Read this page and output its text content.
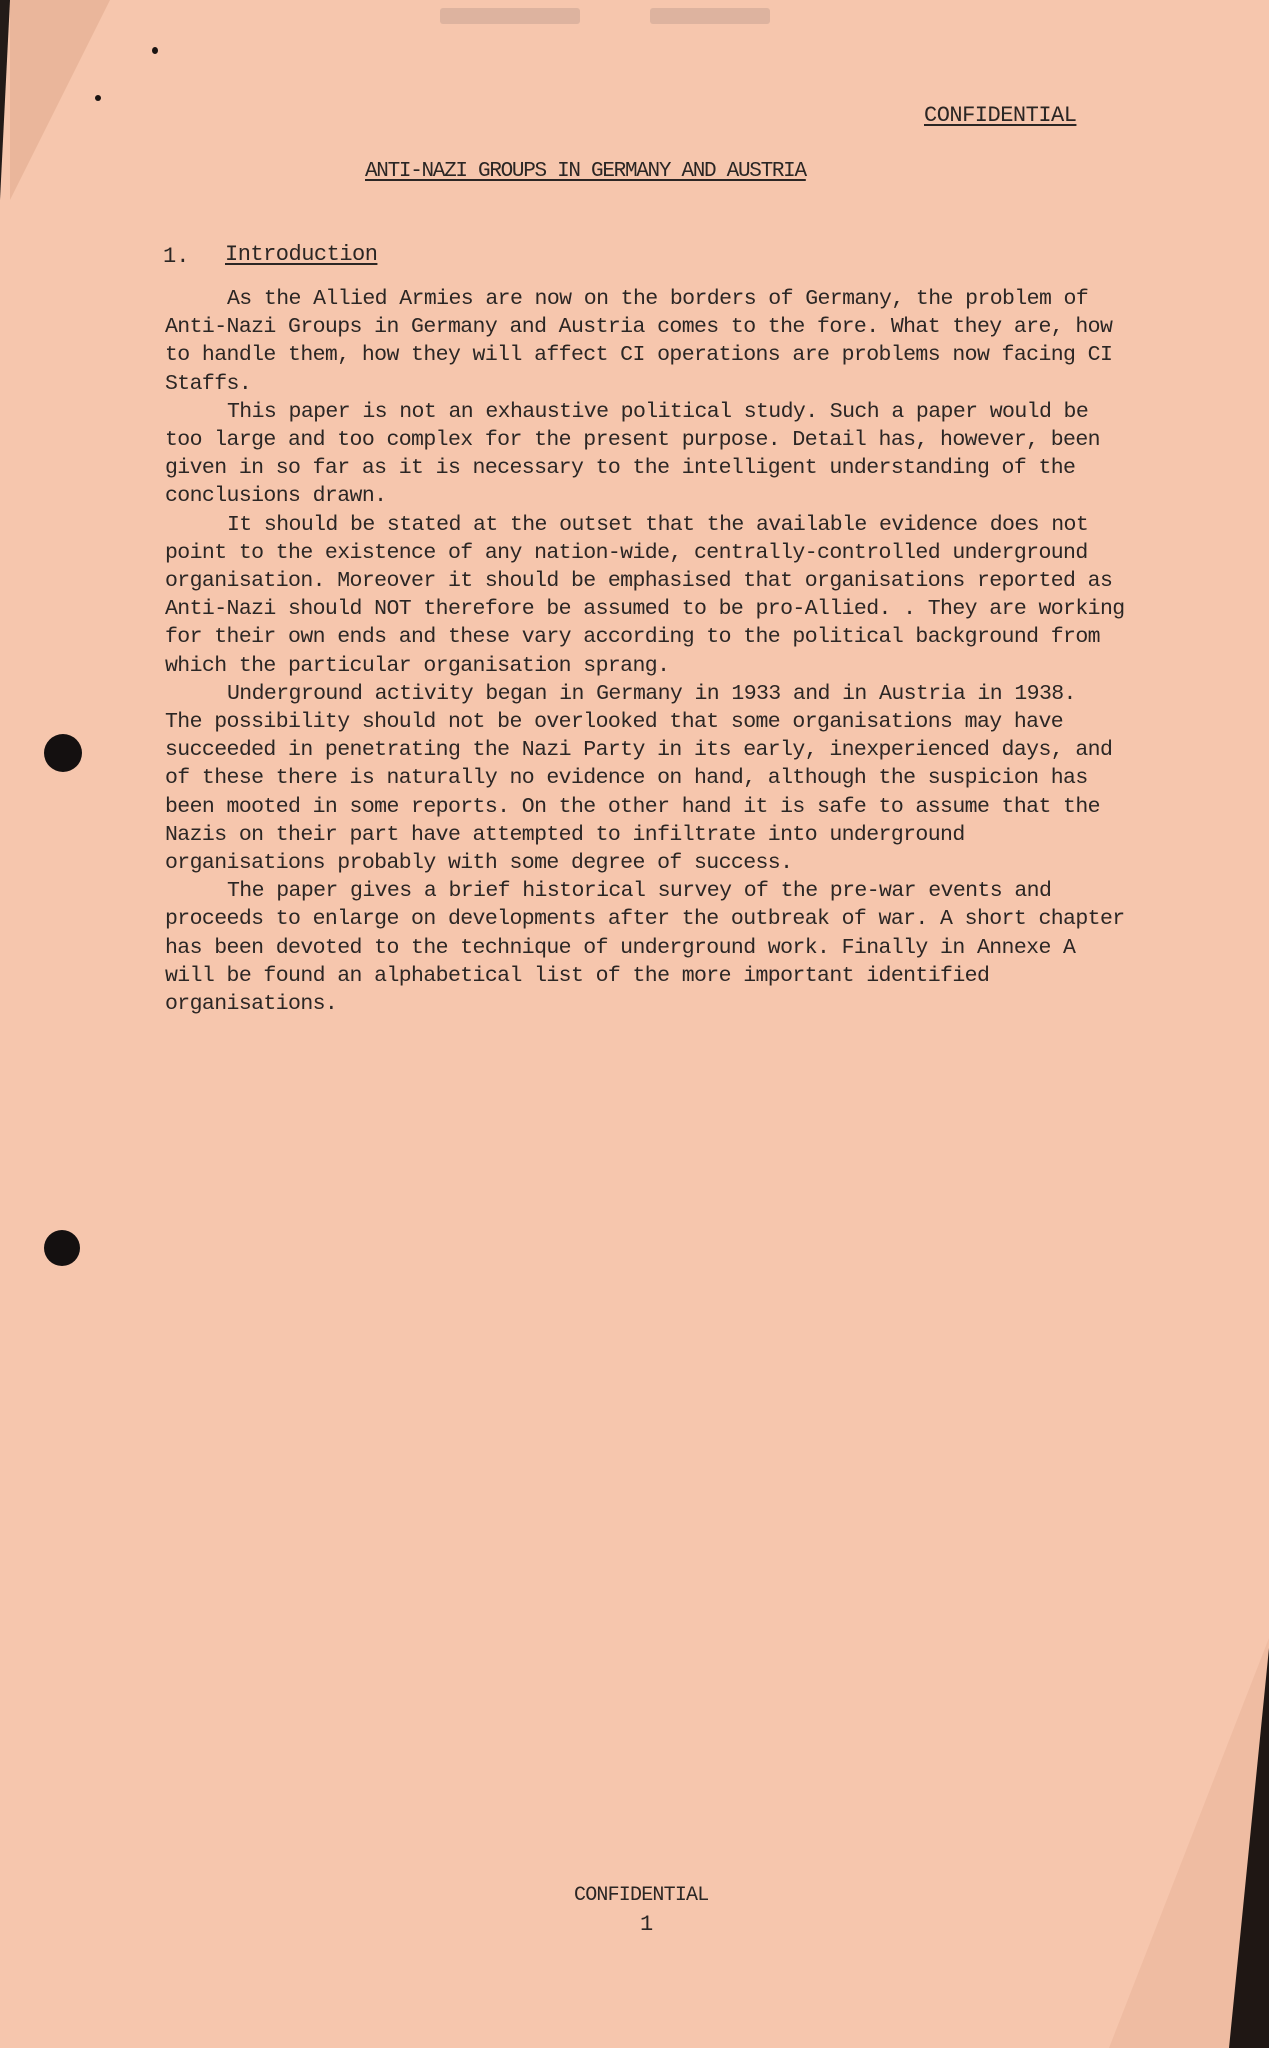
CONFIDENTIAL
ANTI-NAZI GROUPS IN GERMANY AND AUSTRIA
1. Introduction

As the Allied Armies are now on the borders of Germany, the problem of Anti-Nazi Groups in Germany and Austria comes to the fore. What they are, how to handle them, how they will affect CI operations are problems now facing CI Staffs.

This paper is not an exhaustive political study. Such a paper would be too large and too complex for the present purpose. Detail has, however, been given in so far as it is necessary to the intelligent understanding of the conclusions drawn.

It should be stated at the outset that the available evidence does not point to the existence of any nation-wide, centrally-controlled underground organisation. Moreover it should be emphasised that organisations reported as Anti-Nazi should NOT therefore be assumed to be pro-Allied. . They are working for their own ends and these vary according to the political background from which the particular organisation sprang.

Underground activity began in Germany in 1933 and in Austria in 1938. The possibility should not be overlooked that some organisations may have succeeded in penetrating the Nazi Party in its early, inexperienced days, and of these there is naturally no evidence on hand, although the suspicion has been mooted in some reports. On the other hand it is safe to assume that the Nazis on their part have attempted to infiltrate into underground organisations probably with some degree of success.

The paper gives a brief historical survey of the pre-war events and proceeds to enlarge on developments after the outbreak of war. A short chapter has been devoted to the technique of underground work. Finally in Annexe A will be found an alphabetical list of the more important identified organisations.

CONFIDENTIAL
1
